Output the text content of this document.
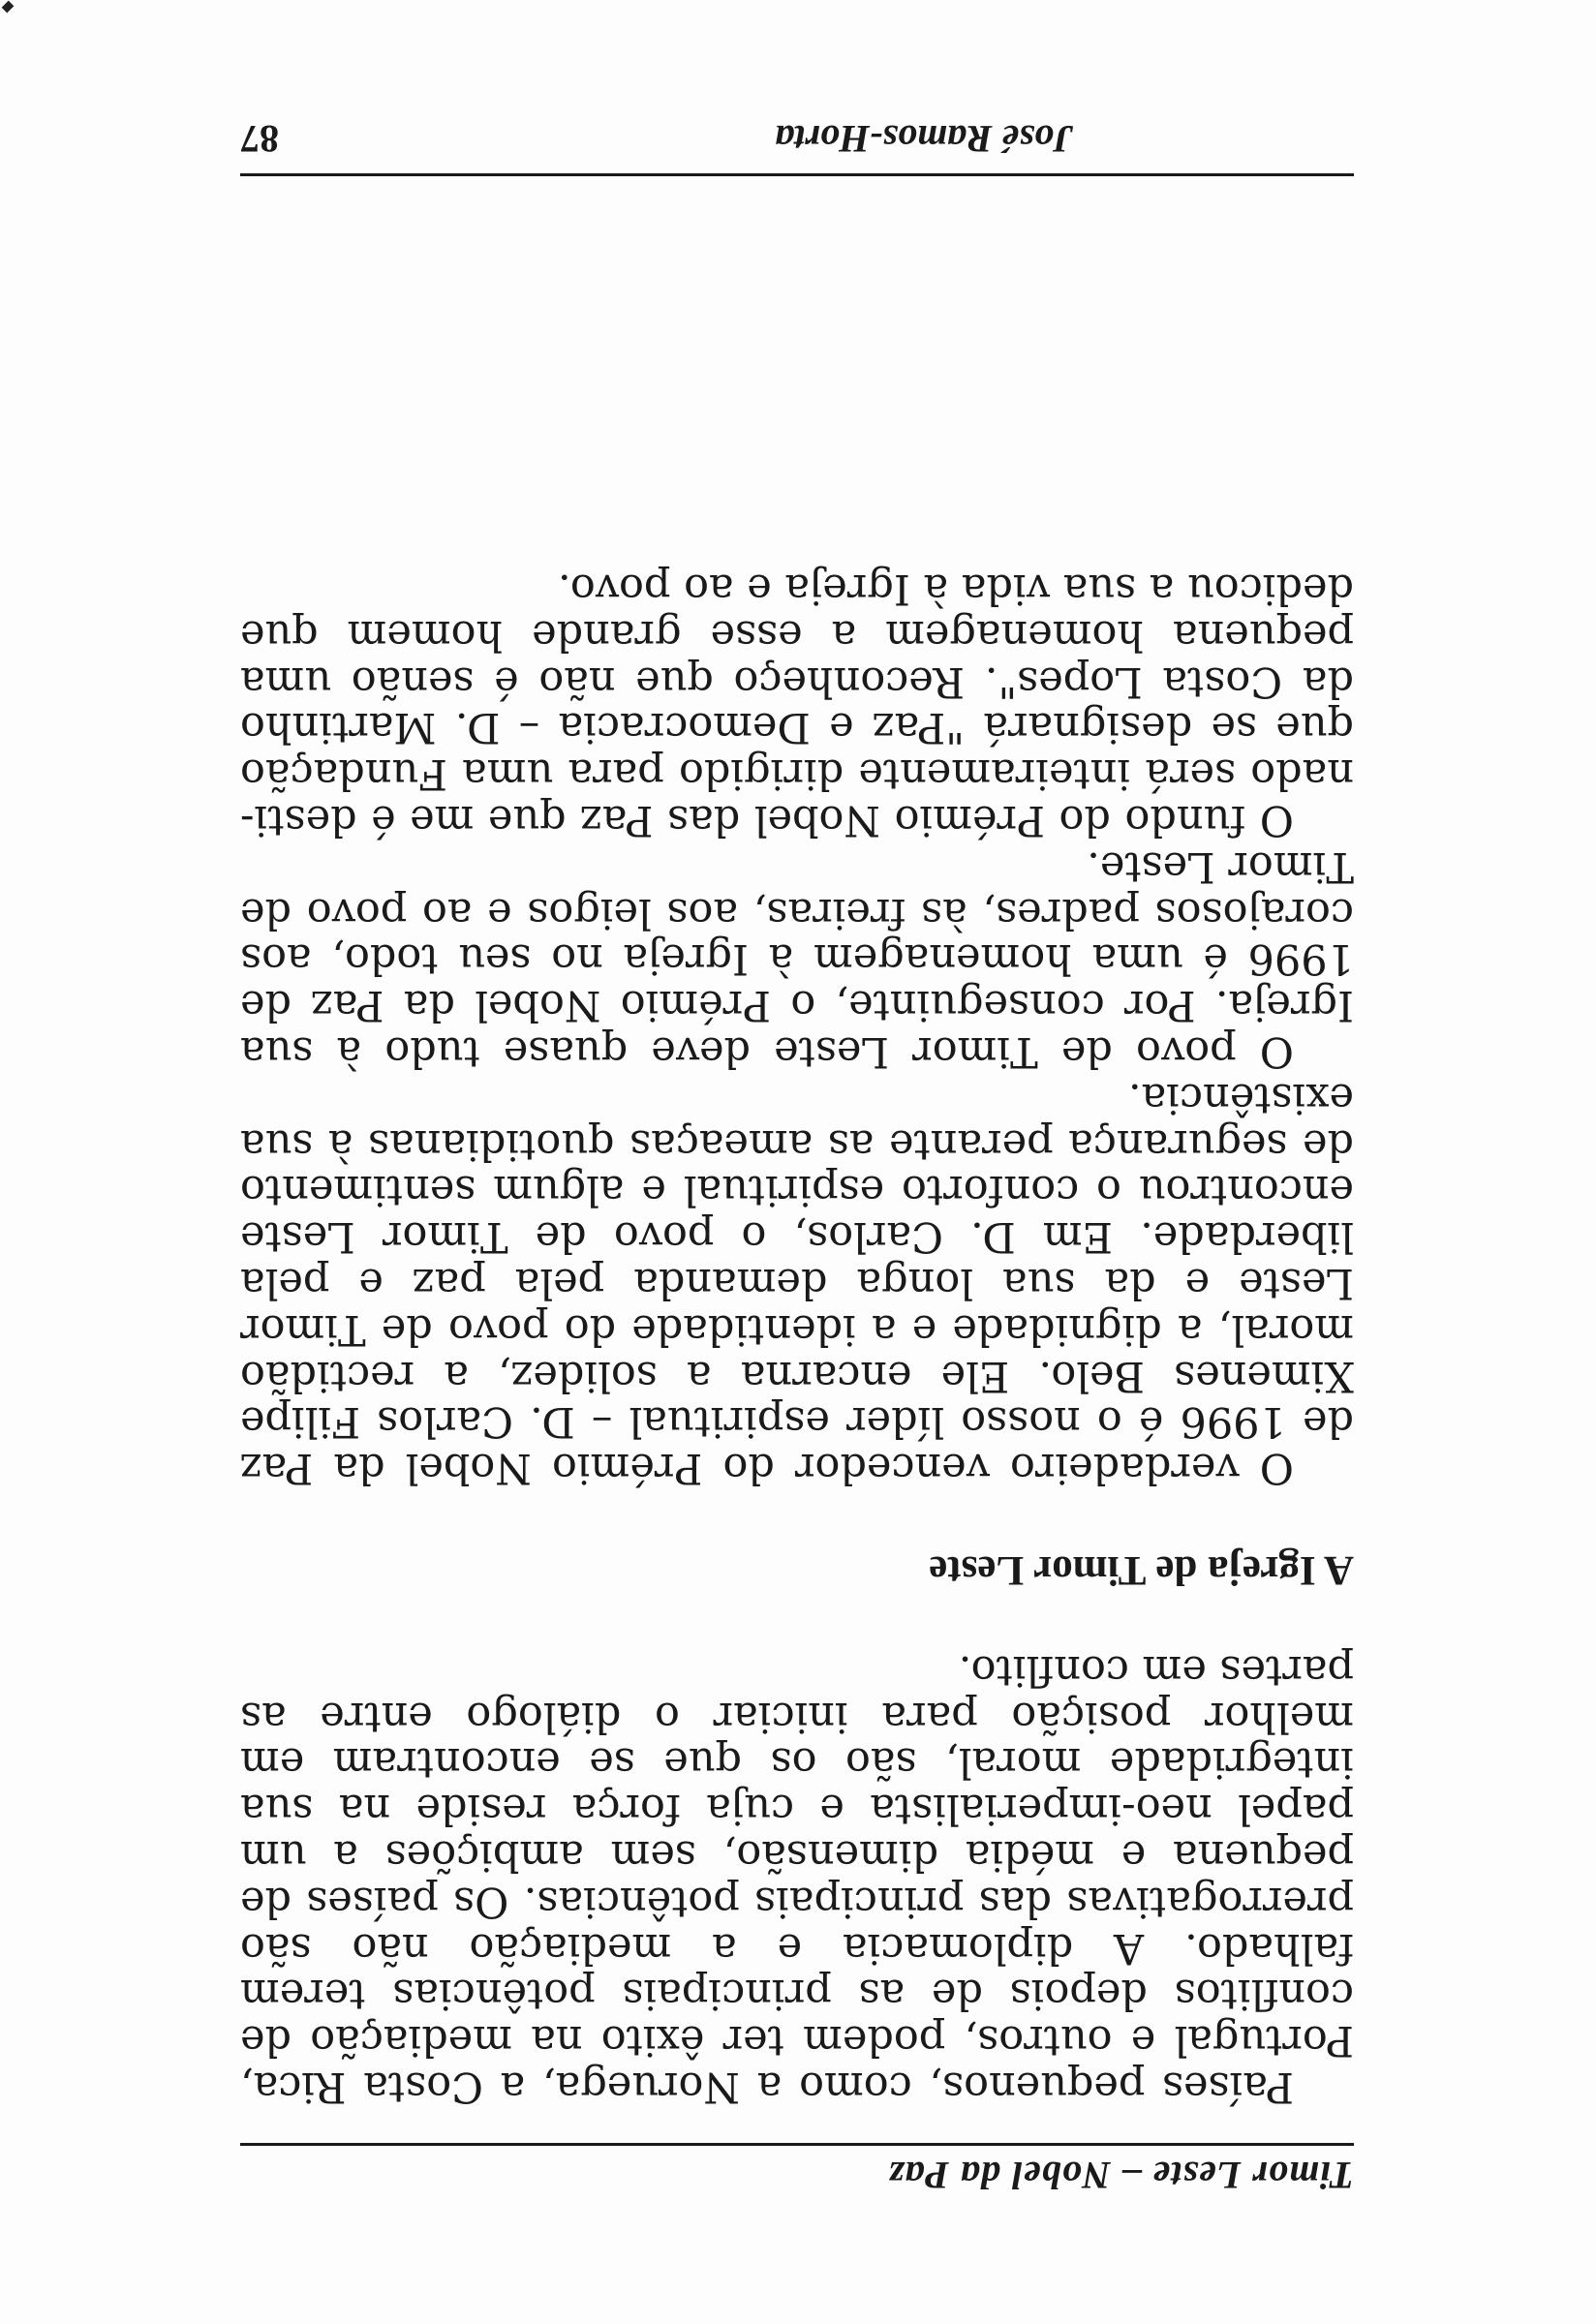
Timor Leste – Nobel da Paz

Países pequenos, como a Noruega, a Costa Rica, Portugal e outros, podem ter êxito na mediação de conflitos depois de as principais potências terem falhado. A diplomacia e a mediação não são prerrogativas das principais potências. Os países de pequena e média dimensão, sem ambições a um papel neo-imperialista e cuja força reside na sua integridade moral, são os que se encontram em melhor posição para iniciar o diálogo entre as partes em conflito.

A Igreja de Timor Leste

O verdadeiro vencedor do Prémio Nobel da Paz de 1996 é o nosso líder espiritual – D. Carlos Filipe Ximenes Belo. Ele encarna a solidez, a rectidão moral, a dignidade e a identidade do povo de Timor Leste e da sua longa demanda pela paz e pela liberdade. Em D. Carlos, o povo de Timor Leste encontrou o conforto espiritual e algum sentimento de segurança perante as ameaças quotidianas à sua existência.

O povo de Timor Leste deve quase tudo à sua Igreja. Por conseguinte, o Prémio Nobel da Paz de 1996 é uma homenagem à Igreja no seu todo, aos corajosos padres, às freiras, aos leigos e ao povo de Timor Leste.

O fundo do Prémio Nobel das Paz que me é destinado será inteiramente dirigido para uma Fundação que se designará "Paz e Democracia – D. Martinho da Costa Lopes". Reconheço que não é senão uma pequena homenagem a esse grande homem que dedicou a sua vida à Igreja e ao povo.

José Ramos-Horta
87
